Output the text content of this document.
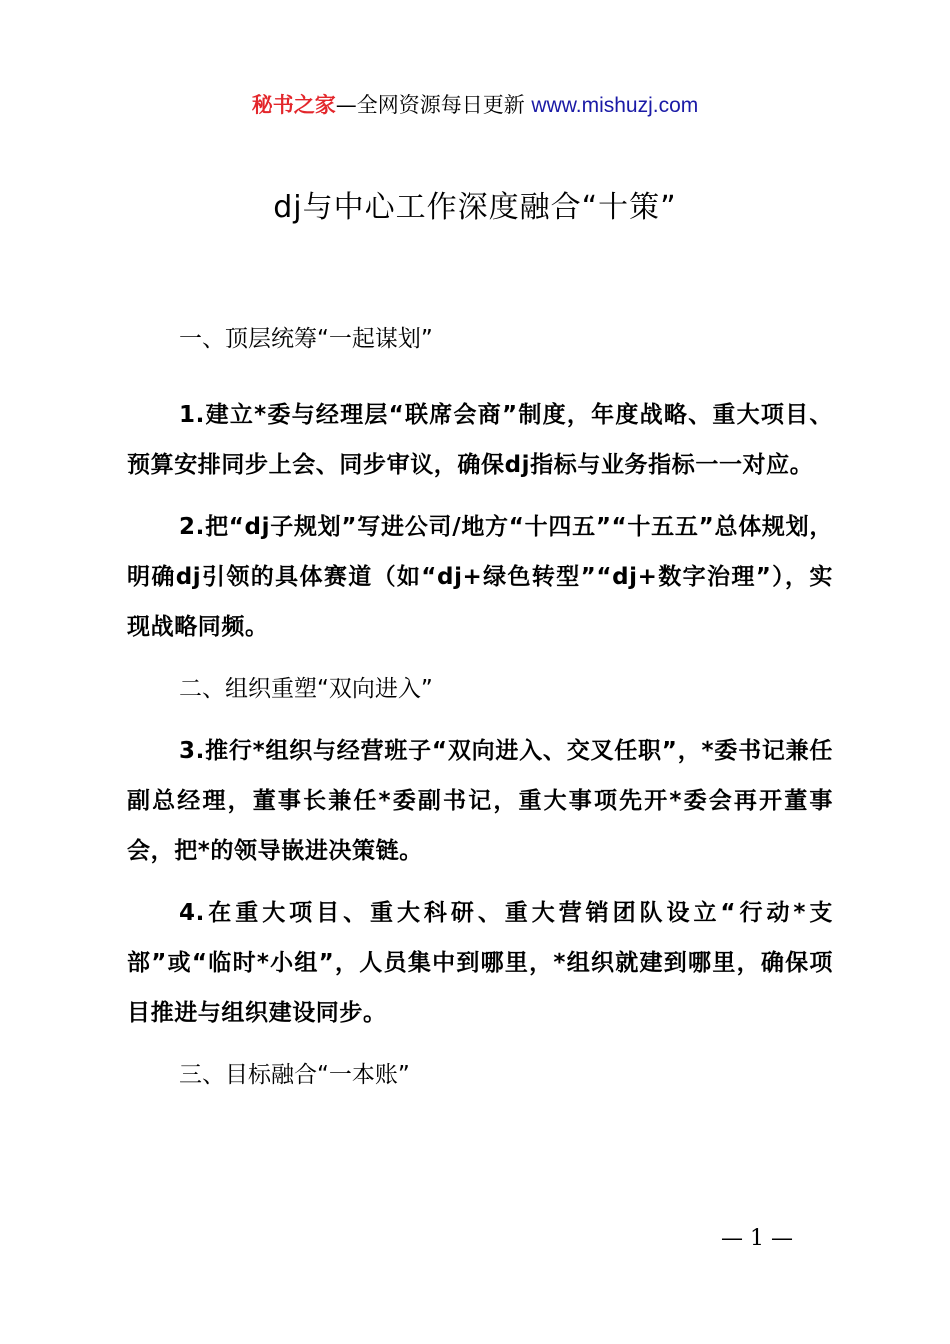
秘书之家—全网资源每日更新 www.mishuzj.com
dj与中心工作深度融合“十策”

一、顶层统筹“一起谋划”

1.建立*委与经理层“联席会商”制度，年度战略、重大项目、预算安排同步上会、同步审议，确保dj指标与业务指标一一对应。

2.把“dj子规划”写进公司/地方“十四五”“十五五”总体规划，明确dj引领的具体赛道（如“dj+绿色转型”“dj+数字治理”），实现战略同频。

二、组织重塑“双向进入”

3.推行*组织与经营班子“双向进入、交叉任职”，*委书记兼任副总经理，董事长兼任*委副书记，重大事项先开*委会再开董事会，把*的领导嵌进决策链。

4.在重大项目、重大科研、重大营销团队设立“行动*支部”或“临时*小组”，人员集中到哪里，*组织就建到哪里，确保项目推进与组织建设同步。

三、目标融合“一本账”

— 1 —
